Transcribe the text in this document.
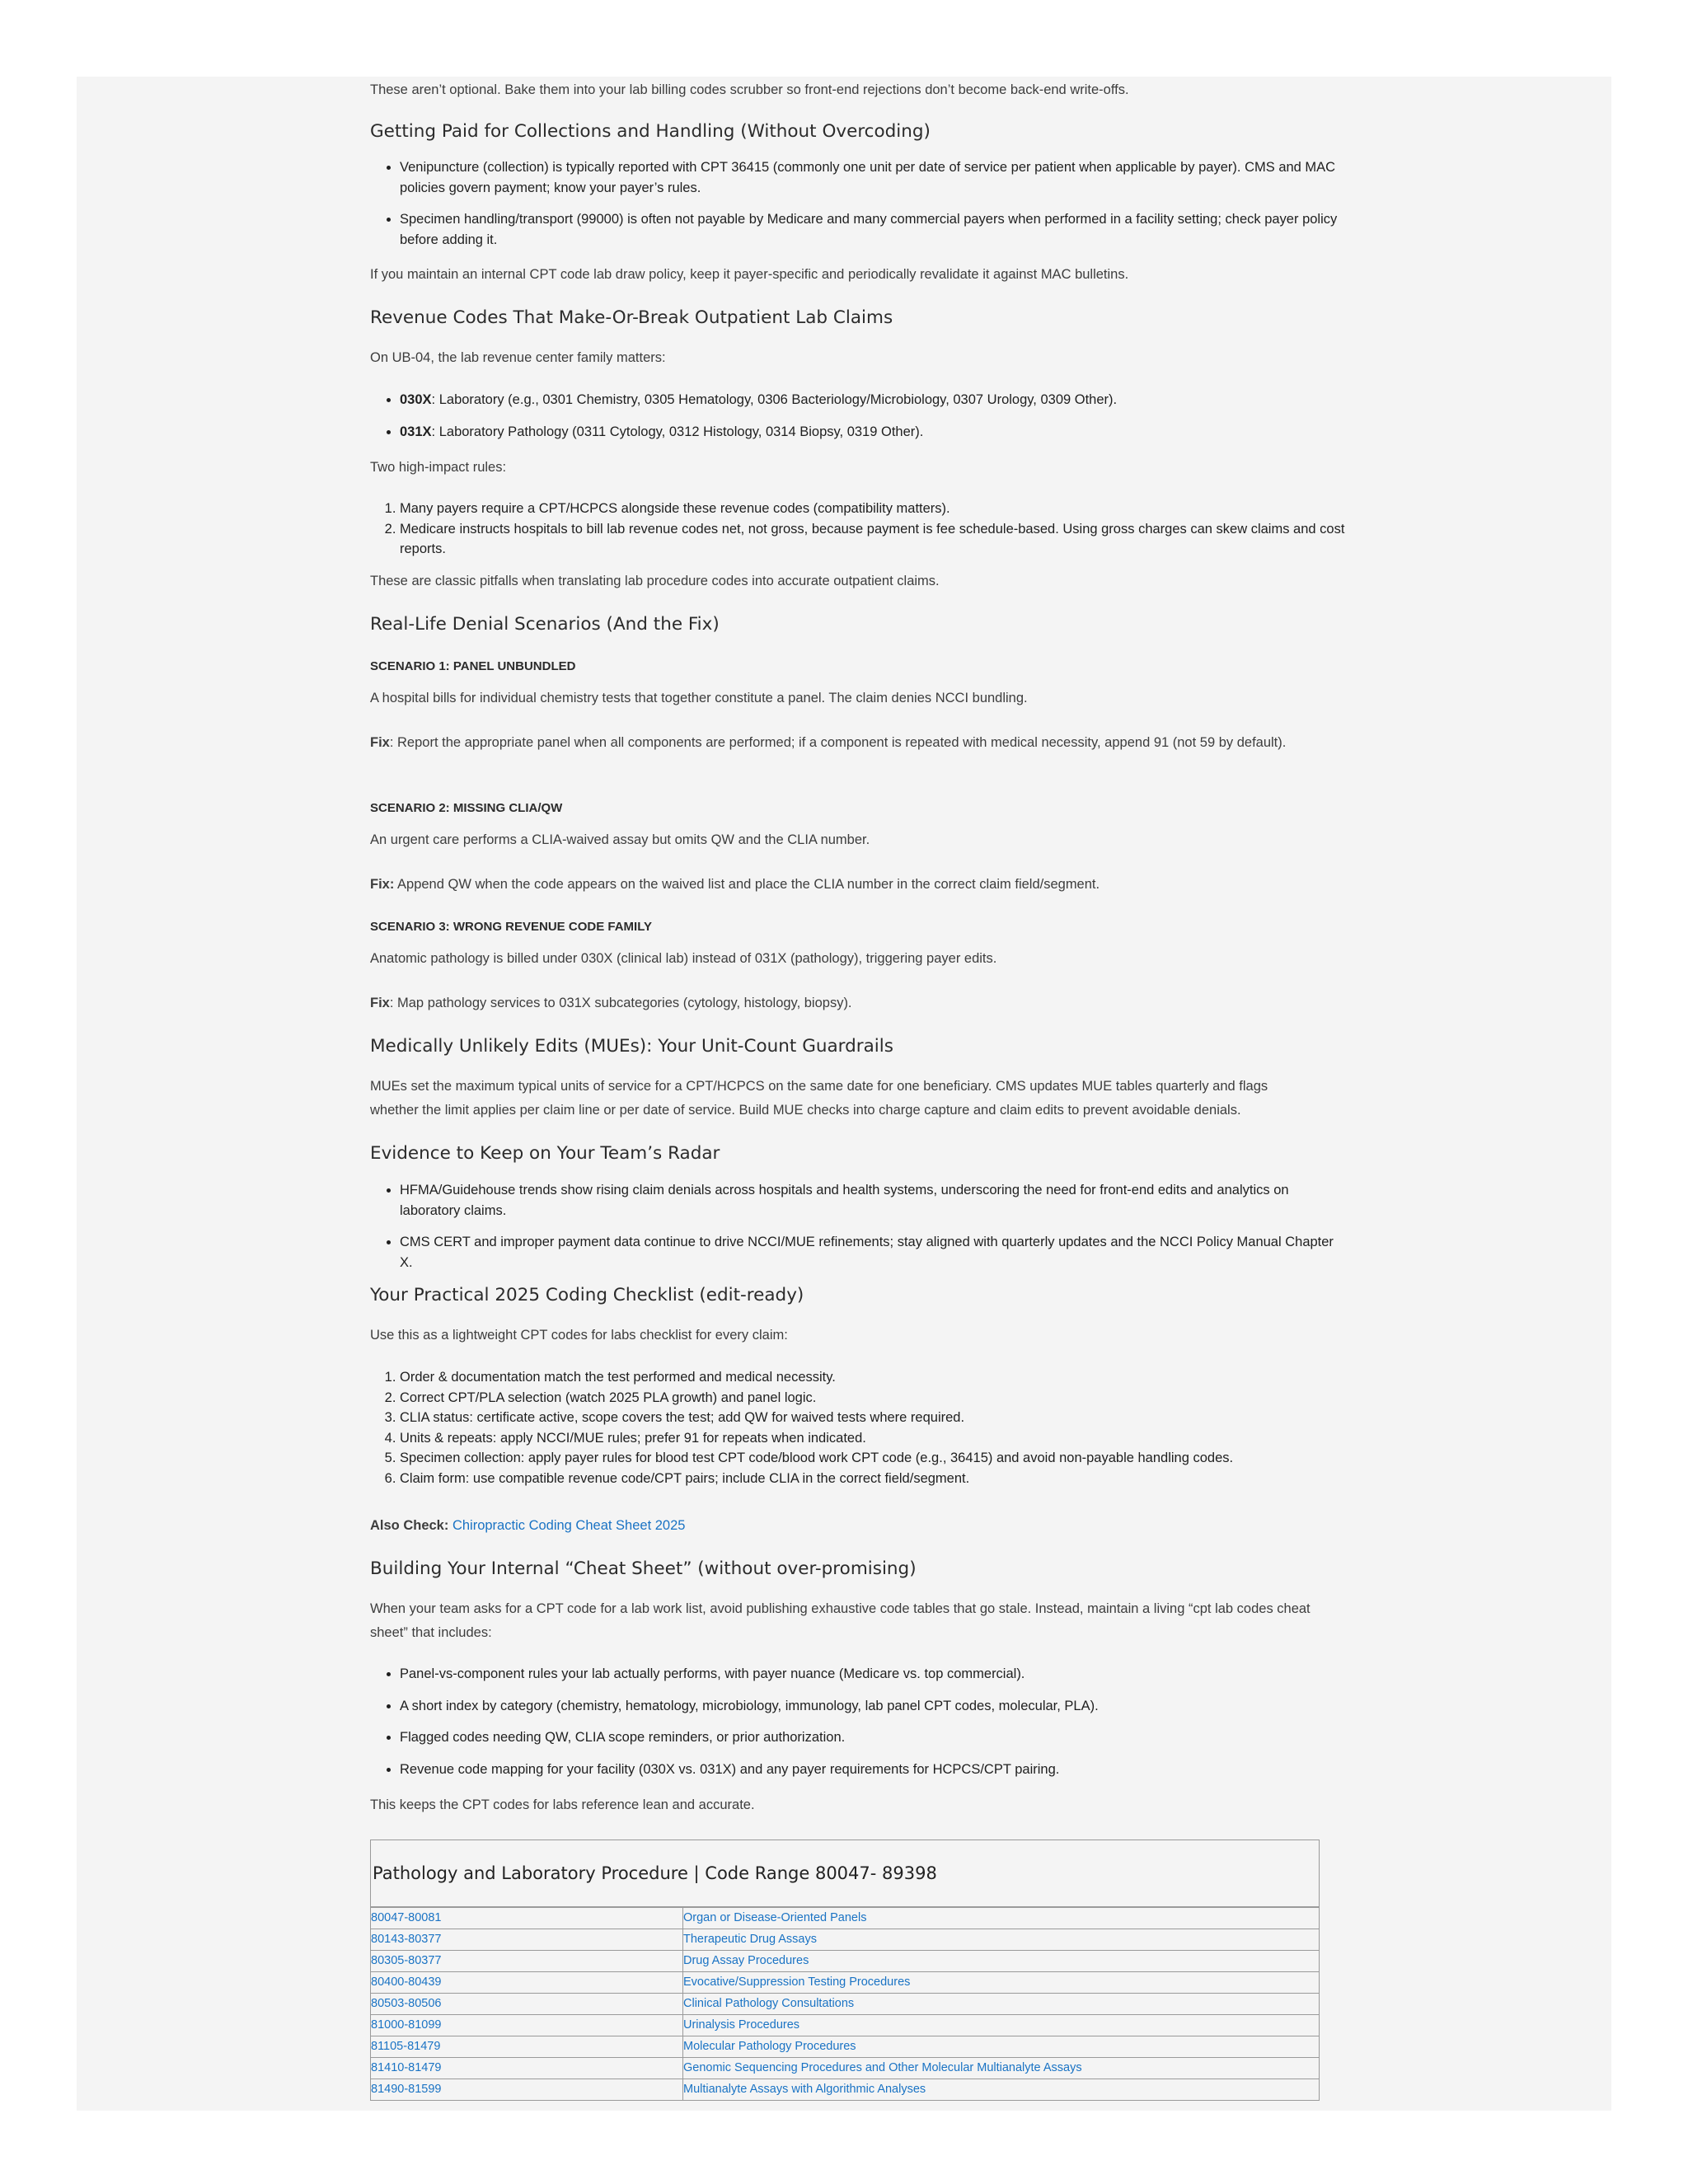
These aren’t optional. Bake them into your lab billing codes scrubber so front-end rejections don’t become back-end write-offs.

Getting Paid for Collections and Handling (Without Overcoding)
• Venipuncture (collection) is typically reported with CPT 36415 (commonly one unit per date of service per patient when applicable by payer). CMS and MAC policies govern payment; know your payer’s rules.
• Specimen handling/transport (99000) is often not payable by Medicare and many commercial payers when performed in a facility setting; check payer policy before adding it.

If you maintain an internal CPT code lab draw policy, keep it payer-specific and periodically revalidate it against MAC bulletins.

Revenue Codes That Make-Or-Break Outpatient Lab Claims

On UB-04, the lab revenue center family matters:

• 030X: Laboratory (e.g., 0301 Chemistry, 0305 Hematology, 0306 Bacteriology/Microbiology, 0307 Urology, 0309 Other).
• 031X: Laboratory Pathology (0311 Cytology, 0312 Histology, 0314 Biopsy, 0319 Other).

Two high-impact rules:

1. Many payers require a CPT/HCPCS alongside these revenue codes (compatibility matters).
2. Medicare instructs hospitals to bill lab revenue codes net, not gross, because payment is fee schedule-based. Using gross charges can skew claims and cost reports.

These are classic pitfalls when translating lab procedure codes into accurate outpatient claims.

Real-Life Denial Scenarios (And the Fix)

SCENARIO 1: PANEL UNBUNDLED

A hospital bills for individual chemistry tests that together constitute a panel. The claim denies NCCI bundling.

Fix: Report the appropriate panel when all components are performed; if a component is repeated with medical necessity, append 91 (not 59 by default).

SCENARIO 2: MISSING CLIA/QW

An urgent care performs a CLIA-waived assay but omits QW and the CLIA number.

Fix: Append QW when the code appears on the waived list and place the CLIA number in the correct claim field/segment.

SCENARIO 3: WRONG REVENUE CODE FAMILY

Anatomic pathology is billed under 030X (clinical lab) instead of 031X (pathology), triggering payer edits.

Fix: Map pathology services to 031X subcategories (cytology, histology, biopsy).

Medically Unlikely Edits (MUEs): Your Unit-Count Guardrails

MUEs set the maximum typical units of service for a CPT/HCPCS on the same date for one beneficiary. CMS updates MUE tables quarterly and flags whether the limit applies per claim line or per date of service. Build MUE checks into charge capture and claim edits to prevent avoidable denials.

Evidence to Keep on Your Team’s Radar
• HFMA/Guidehouse trends show rising claim denials across hospitals and health systems, underscoring the need for front-end edits and analytics on laboratory claims.
• CMS CERT and improper payment data continue to drive NCCI/MUE refinements; stay aligned with quarterly updates and the NCCI Policy Manual Chapter X.
Your Practical 2025 Coding Checklist (edit-ready)

Use this as a lightweight CPT codes for labs checklist for every claim:

1. Order & documentation match the test performed and medical necessity.
2. Correct CPT/PLA selection (watch 2025 PLA growth) and panel logic.
3. CLIA status: certificate active, scope covers the test; add QW for waived tests where required.
4. Units & repeats: apply NCCI/MUE rules; prefer 91 for repeats when indicated.
5. Specimen collection: apply payer rules for blood test CPT code/blood work CPT code (e.g., 36415) and avoid non-payable handling codes.
6. Claim form: use compatible revenue code/CPT pairs; include CLIA in the correct field/segment.

Also Check: Chiropractic Coding Cheat Sheet 2025

Building Your Internal “Cheat Sheet” (without over-promising)

When your team asks for a CPT code for a lab work list, avoid publishing exhaustive code tables that go stale. Instead, maintain a living “cpt lab codes cheat sheet” that includes:

• Panel-vs-component rules your lab actually performs, with payer nuance (Medicare vs. top commercial).
• A short index by category (chemistry, hematology, microbiology, immunology, lab panel CPT codes, molecular, PLA).
• Flagged codes needing QW, CLIA scope reminders, or prior authorization.
• Revenue code mapping for your facility (030X vs. 031X) and any payer requirements for HCPCS/CPT pairing.

This keeps the CPT codes for labs reference lean and accurate.

Pathology and Laboratory Procedure | Code Range 80047- 89398
80047-80081	Organ or Disease-Oriented Panels
80143-80377	Therapeutic Drug Assays
80305-80377	Drug Assay Procedures
80400-80439	Evocative/Suppression Testing Procedures
80503-80506	Clinical Pathology Consultations
81000-81099	Urinalysis Procedures
81105-81479	Molecular Pathology Procedures
81410-81479	Genomic Sequencing Procedures and Other Molecular Multianalyte Assays
81490-81599	Multianalyte Assays with Algorithmic Analyses
